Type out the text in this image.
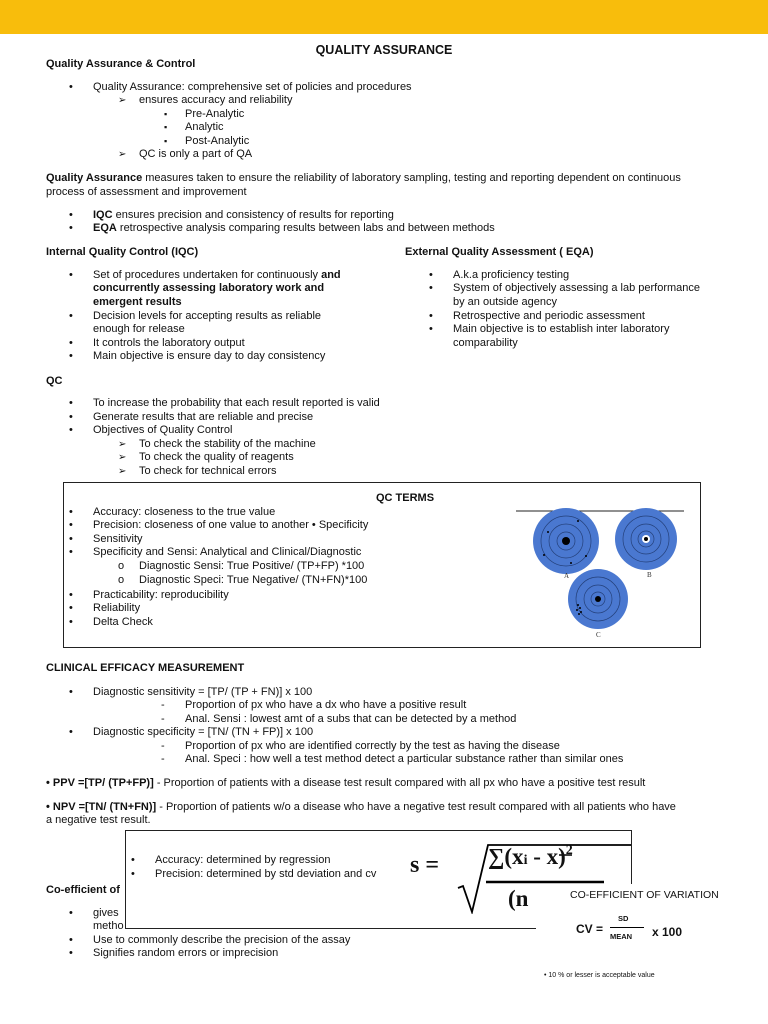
QUALITY ASSURANCE
Quality Assurance & Control
• Quality Assurance: comprehensive set of policies and procedures
➢ ensures accuracy and reliability
▪ Pre-Analytic
▪ Analytic
▪ Post-Analytic
➢ QC is only a part of QA
Quality Assurance measures taken to ensure the reliability of laboratory sampling, testing and reporting dependent on continuous
process of assessment and improvement
• IQC ensures precision and consistency of results for reporting
• EQA retrospective analysis comparing results between labs and between methods
Internal Quality Control (IQC)
• Set of procedures undertaken for continuously and
concurrently assessing laboratory work and
emergent results
• Decision levels for accepting results as reliable
enough for release
• It controls the laboratory output
• Main objective is ensure day to day consistency
External Quality Assessment ( EQA)
• A.k.a proficiency testing
• System of objectively assessing a lab performance
by an outside agency
• Retrospective and periodic assessment
• Main objective is to establish inter laboratory
comparability
QC
• To increase the probability that each result reported is valid
• Generate results that are reliable and precise
• Objectives of Quality Control
➢ To check the stability of the machine
➢ To check the quality of reagents
➢ To check for technical errors
QC TERMS
• Accuracy: closeness to the true value
• Precision: closeness of one value to another • Specificity
• Sensitivity
• Specificity and Sensi: Analytical and Clinical/Diagnostic
o Diagnostic Sensi: True Positive/ (TP+FP) *100
o Diagnostic Speci: True Negative/ (TN+FN)*100
• Practicability: reproducibility
• Reliability
• Delta Check
A	B
C
CLINICAL EFFICACY MEASUREMENT
• Diagnostic sensitivity = [TP/ (TP + FN)] x 100
- Proportion of px who have a dx who have a positive result
- Anal. Sensi : lowest amt of a subs that can be detected by a method
• Diagnostic specificity = [TN/ (TN + FP)] x 100
- Proportion of px who are identified correctly by the test as having the disease
- Anal. Speci : how well a test method detect a particular substance rather than similar ones
• PPV =[TP/ (TP+FP)] - Proportion of patients with a disease test result compared with all px who have a positive test result
• NPV =[TN/ (TN+FN)] - Proportion of patients w/o a disease who have a negative test result compared with all patients who have
a negative test result.
Co-efficient of
• gives
metho
• Use to commonly describe the precision of the assay
• Signifies random errors or imprecision
• Accuracy: determined by regression
• Precision: determined by std deviation and cv s = ∑(xi - x)$^2$
(n	CO-EFFICIENT OF VARIATION
CV =
SD
MEAN x 100
• 10 % or lesser is acceptable value
